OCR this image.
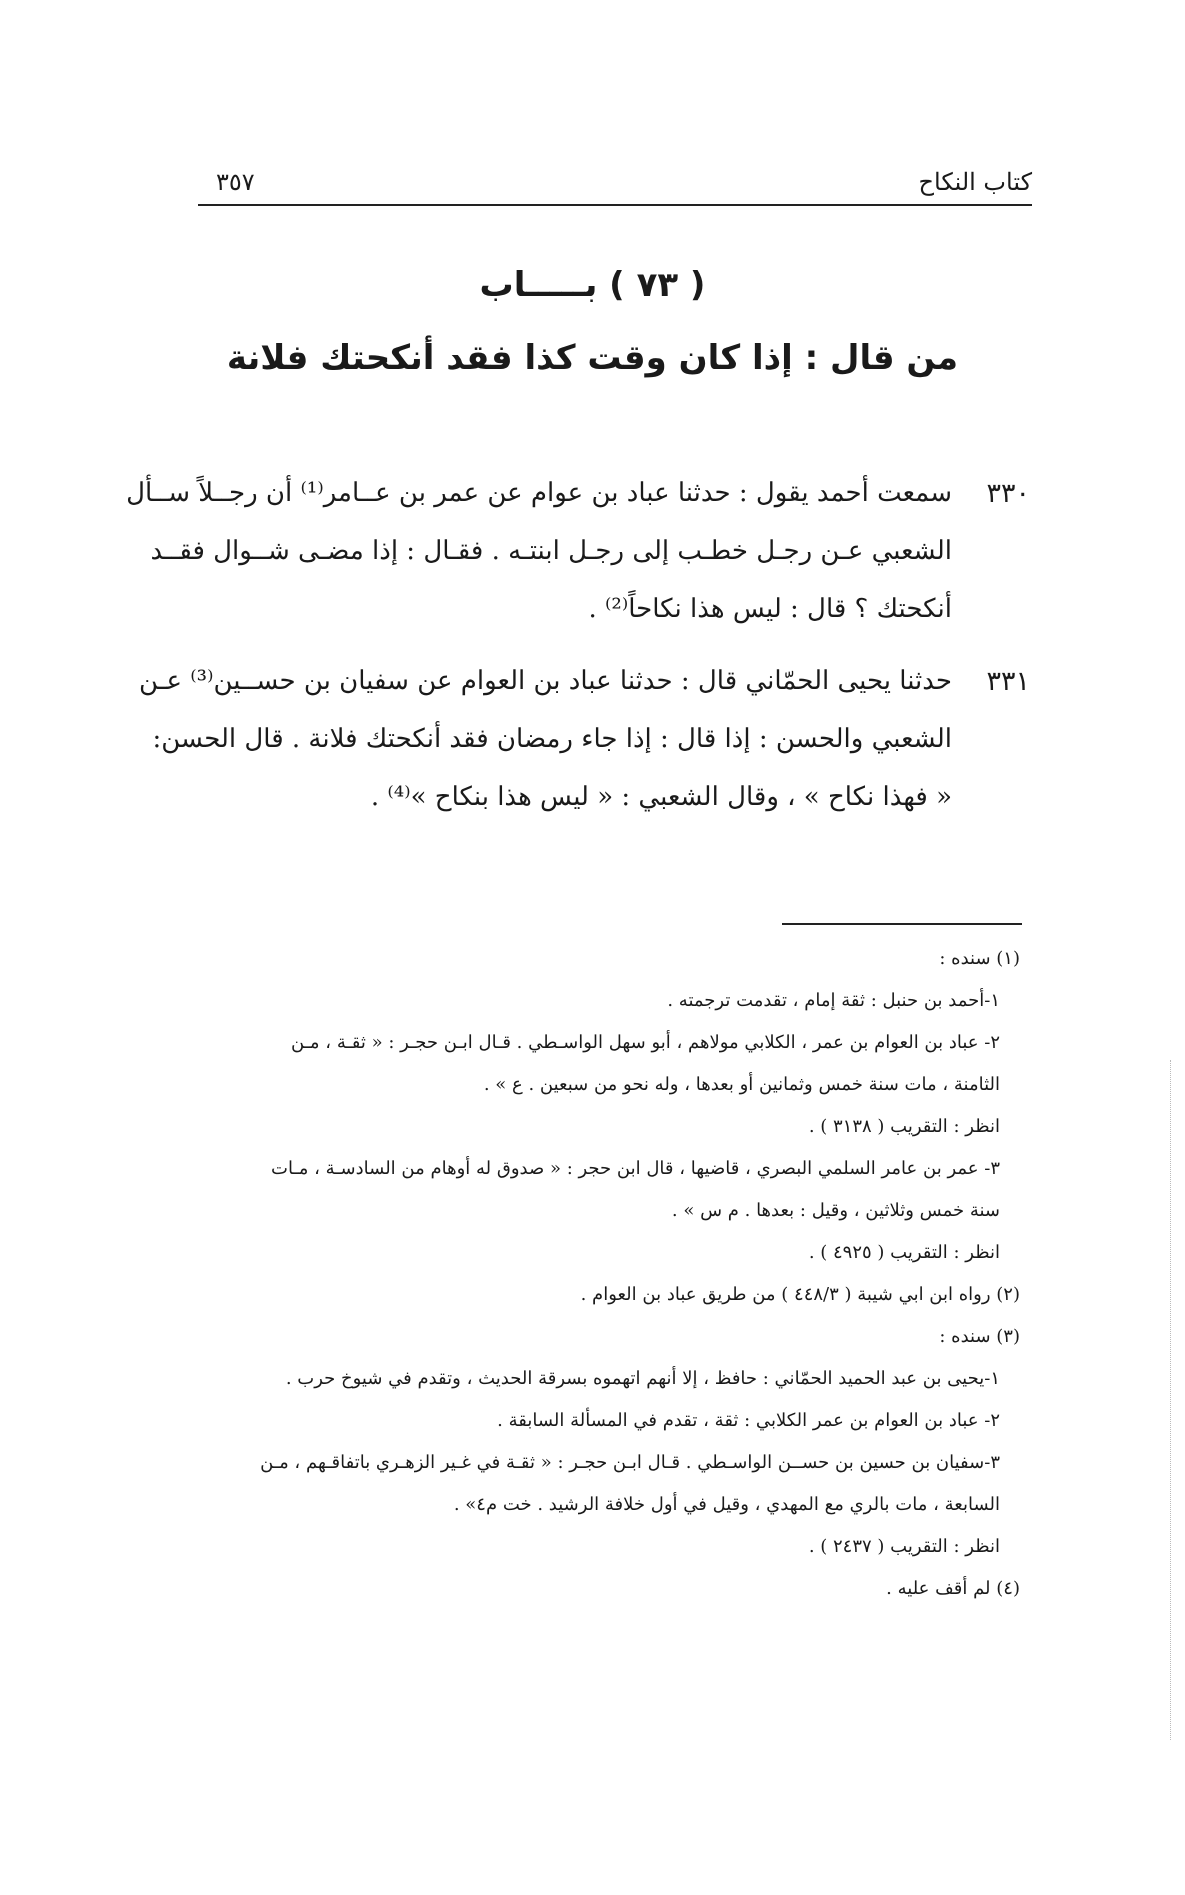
كتاب النكاح
٣٥٧
( ٧٣ ) بـــــاب
من قال : إذا كان وقت كذا فقد أنكحتك فلانة
٣٣٠
سمعت أحمد يقول : حدثنا عباد بن عوام عن عمر بن عــامر⁽¹⁾ أن رجــلاً ســأل
الشعبي عـن رجـل خطـب إلى رجـل ابنتـه . فقـال : إذا مضـى شــوال فقــد
أنكحتك ؟ قال : ليس هذا نكاحاً⁽²⁾ .
٣٣١
حدثنا يحيى الحمّاني قال : حدثنا عباد بن العوام عن سفيان بن حســين⁽³⁾ عـن
الشعبي والحسن : إذا قال : إذا جاء رمضان فقد أنكحتك فلانة . قال الحسن:
« فهذا نكاح » ، وقال الشعبي : « ليس هذا بنكاح »⁽⁴⁾ .
(١) سنده :
١-أحمد بن حنبل : ثقة إمام ، تقدمت ترجمته .
٢- عباد بن العوام بن عمر ، الكلابي مولاهم ، أبو سهل الواسـطي . قـال ابـن حجـر : « ثقـة ، مـن
الثامنة ، مات سنة خمس وثمانين أو بعدها ، وله نحو من سبعين . ع » .
انظر : التقريب ( ٣١٣٨ ) .
٣- عمر بن عامر السلمي البصري ، قاضيها ، قال ابن حجر : « صدوق له أوهام من السادسـة ، مـات
سنة خمس وثلاثين ، وقيل : بعدها . م س » .
انظر : التقريب ( ٤٩٢٥ ) .
(٢) رواه ابن ابي شيبة ( ٤٤٨/٣ ) من طريق عباد بن العوام .
(٣) سنده :
١-يحيى بن عبد الحميد الحمّاني : حافظ ، إلا أنهم اتهموه بسرقة الحديث ، وتقدم في شيوخ حرب .
٢- عباد بن العوام بن عمر الكلابي : ثقة ، تقدم في المسألة السابقة .
٣-سفيان بن حسين بن حســن الواسـطي . قـال ابـن حجـر : « ثقـة في غـير الزهـري باتفاقـهم ، مـن
السابعة ، مات بالري مع المهدي ، وقيل في أول خلافة الرشيد . خت م٤» .
انظر : التقريب ( ٢٤٣٧ ) .
(٤) لم أقف عليه .
